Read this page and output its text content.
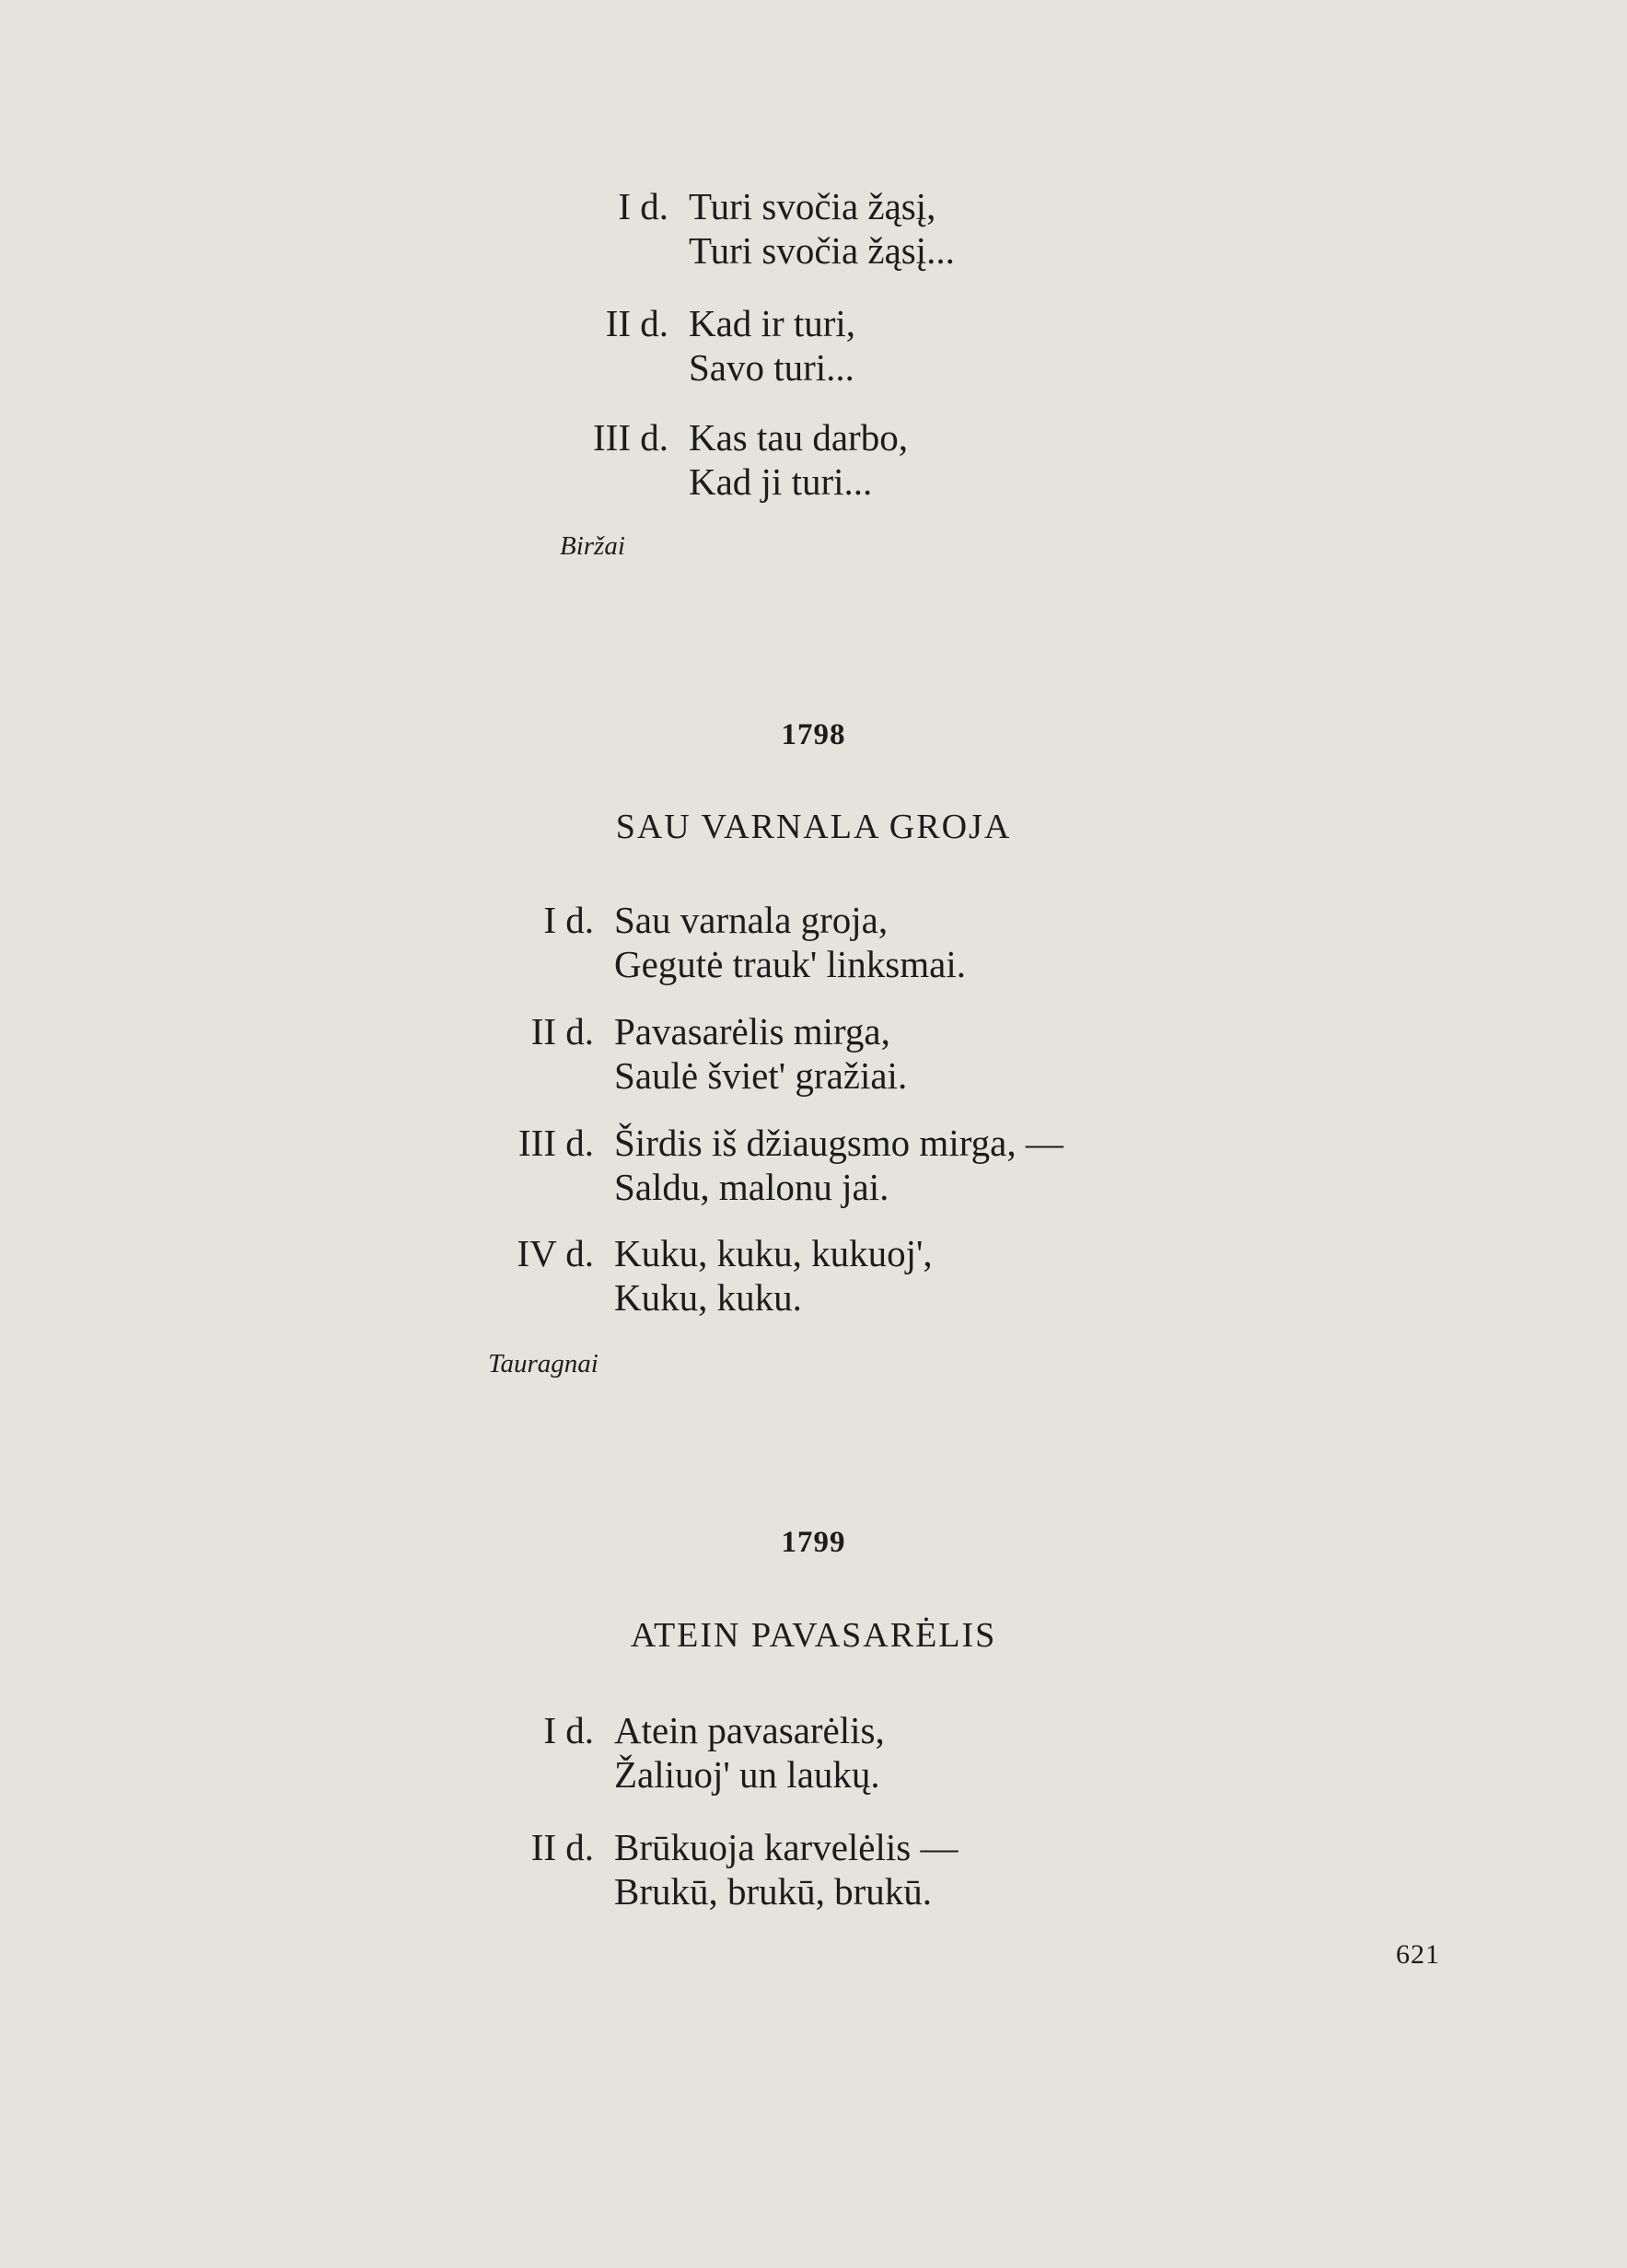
I d. Turi svočia žąsį,
Turi svočia žąsį...
II d. Kad ir turi,
Savo turi...
III d. Kas tau darbo,
Kad ji turi...
Biržai
1798
SAU VARNALA GROJA
I d. Sau varnala groja,
Gegutė trauk' linksmai.
II d. Pavasarėlis mirga,
Saulė šviet' gražiai.
III d. Širdis iš džiaugsmo mirga, —
Saldu, malonu jai.
IV d. Kuku, kuku, kukuoj',
Kuku, kuku.
Tauragnai
1799
ATEIN PAVASARĖLIS
I d. Atein pavasarėlis,
Žaliuoj' un laukų.
II d. Brūkuoja karvelėlis —
Brukū, brukū, brukū.
621
